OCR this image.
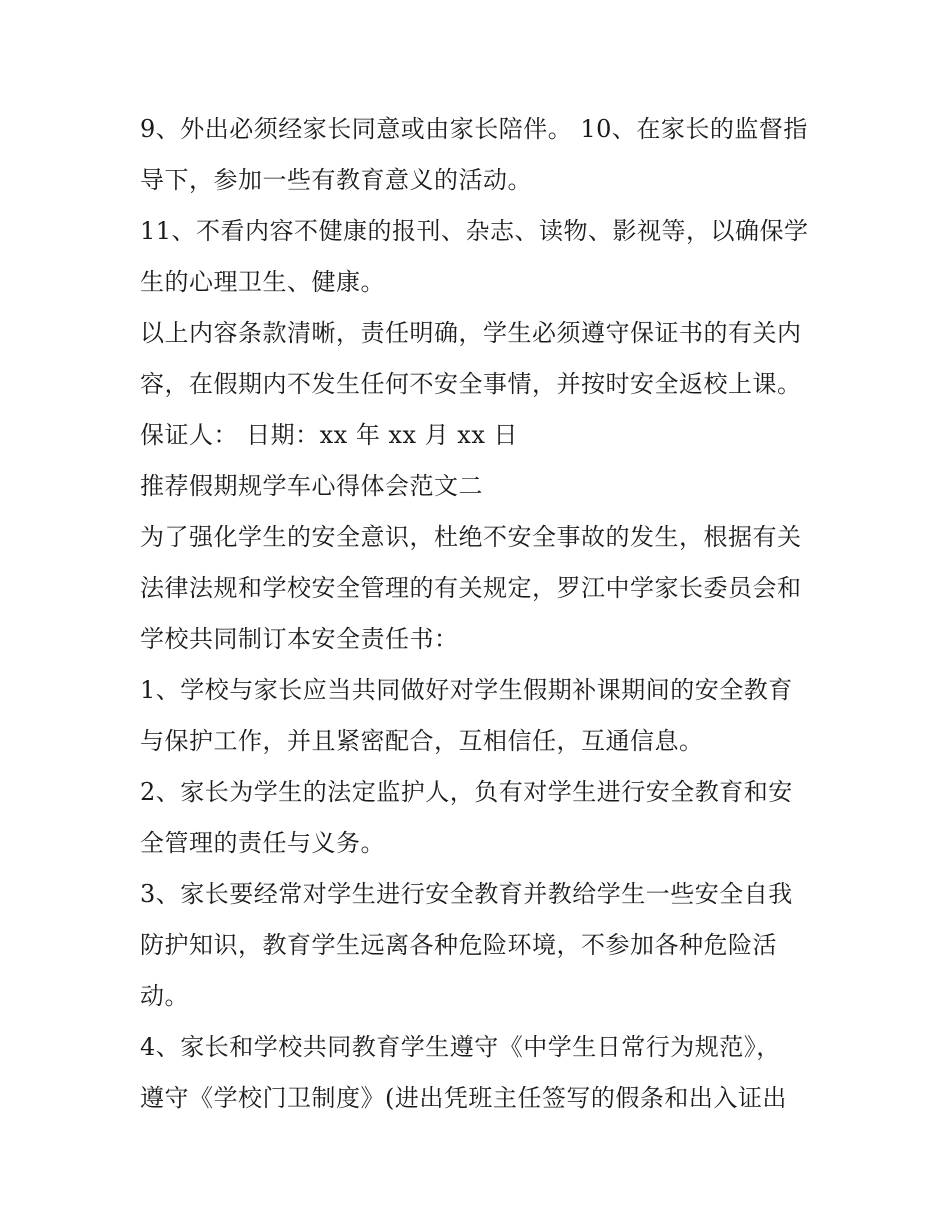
9、外出必须经家长同意或由家长陪伴。 10、在家长的监督指
导下，参加一些有教育意义的活动。
11、不看内容不健康的报刊、杂志、读物、影视等，以确保学
生的心理卫生、健康。
以上内容条款清晰，责任明确，学生必须遵守保证书的有关内
容，在假期内不发生任何不安全事情，并按时安全返校上课。
保证人： 日期：xx 年 xx 月 xx 日
推荐假期规学车心得体会范文二
为了强化学生的安全意识，杜绝不安全事故的发生，根据有关
法律法规和学校安全管理的有关规定，罗江中学家长委员会和
学校共同制订本安全责任书：
1、学校与家长应当共同做好对学生假期补课期间的安全教育
与保护工作，并且紧密配合，互相信任，互通信息。
2、家长为学生的法定监护人，负有对学生进行安全教育和安
全管理的责任与义务。
3、家长要经常对学生进行安全教育并教给学生一些安全自我
防护知识，教育学生远离各种危险环境，不参加各种危险活
动。
4、家长和学校共同教育学生遵守《中学生日常行为规范》，
遵守《学校门卫制度》(进出凭班主任签写的假条和出入证出
